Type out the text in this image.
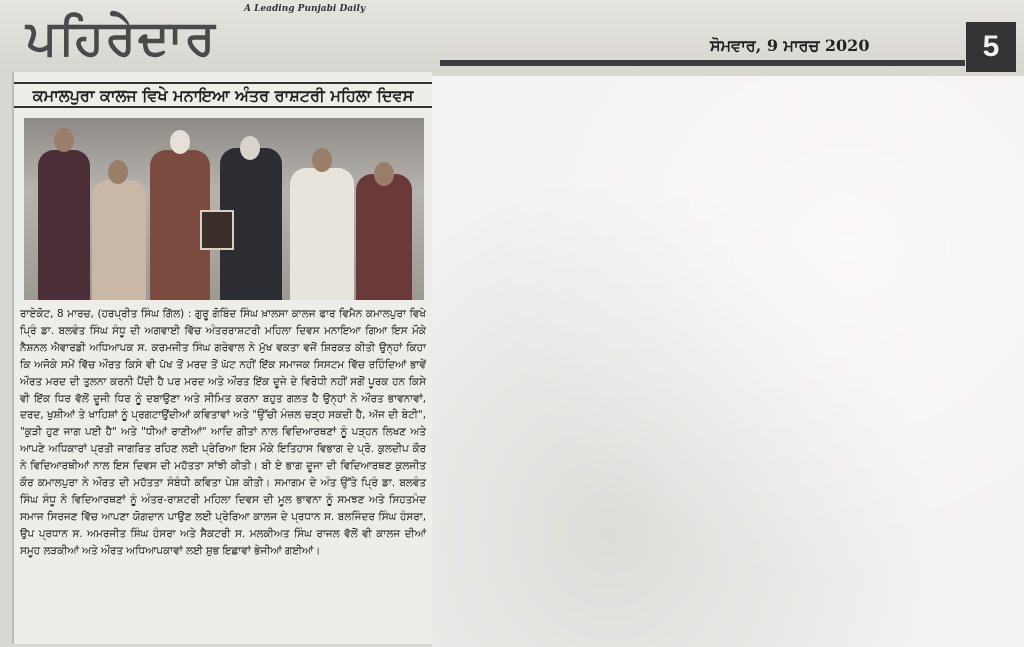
ਪਹਿਰੇਦਾਰ
A Leading Punjabi Daily
ਸੋਮਵਾਰ, 9 ਮਾਰਚ 2020	5
ਕਮਾਲਪੁਰਾ ਕਾਲਜ ਵਿਖੇ ਮਨਾਇਆ ਅੰਤਰ ਰਾਸ਼ਟਰੀ ਮਹਿਲਾ ਦਿਵਸ
ਰਾਏਕੋਟ, 8 ਮਾਰਚ, (ਹਰਪ੍ਰੀਤ ਸਿੰਘ ਗਿੱਲ) : ਗੁਰੂ ਗੋਬਿੰਦ ਸਿੰਘ ਖ਼ਾਲਸਾ ਕਾਲਜ ਫਾਰ ਵਿਮੈਨ ਕਮਾਲਪੁਰਾ ਵਿਖੇ ਪ੍ਰਿੰ ਡਾ. ਬਲਵੰਤ ਸਿੰਘ ਸੰਧੂ ਦੀ ਅਗਵਾਈ ਵਿੱਚ ਅੰਤਰਰਾਸ਼ਟਰੀ ਮਹਿਲਾ ਦਿਵਸ ਮਨਾਇਆ ਗਿਆ ਇਸ ਮੌਕੇ ਨੈਸ਼ਨਲ ਐਵਾਰਡੀ ਅਧਿਆਪਕ ਸ. ਕਰਮਜੀਤ ਸਿੰਘ ਗਰੇਵਾਲ ਨੇ ਮੁੱਖ ਵਕਤਾ ਵਜੋਂ ਸ਼ਿਰਕਤ ਕੀਤੀ ਉਨ੍ਹਾਂ ਕਿਹਾ ਕਿ ਅਜੋਕੇ ਸਮੇਂ ਵਿੱਚ ਔਰਤ ਕਿਸੇ ਵੀ ਪੱਖ ਤੋਂ ਮਰਦ ਤੋਂ ਘੱਟ ਨਹੀਂ ਇੱਕ ਸਮਾਜਕ ਸਿਸਟਮ ਵਿੱਚ ਰਹਿੰਦਿਆਂ ਭਾਵੇਂ ਔਰਤ ਮਰਦ ਦੀ ਤੁਲਨਾ ਕਰਨੀ ਪੈਂਦੀ ਹੈ ਪਰ ਮਰਦ ਅਤੇ ਔਰਤ ਇੱਕ ਦੂਜੇ ਦੇ ਵਿਰੋਧੀ ਨਹੀਂ ਸਗੋਂ ਪੂਰਕ ਹਨ ਕਿਸੇ ਵੀ ਇੱਕ ਧਿਰ ਵੱਲੋਂ ਦੂਜੀ ਧਿਰ ਨੂੰ ਦਬਾਉਣਾ ਅਤੇ ਸੀਮਿਤ ਕਰਨਾ ਬਹੁਤ ਗਲਤ ਹੈ ਉਨ੍ਹਾਂ ਨੇ ਔਰਤ ਭਾਵਨਾਵਾਂ, ਦਰਦ, ਖੁਸ਼ੀਆਂ ਤੇ ਖਾਹਿਸ਼ਾਂ ਨੂੰ ਪ੍ਰਗਟਾਉਂਦੀਆਂ ਕਵਿਤਾਵਾਂ ਅਤੇ "ਉੱਚੀ ਮੰਜ਼ਲ ਚੜ੍ਹ ਸਕਦੀ ਹੈ, ਅੱਜ ਦੀ ਬੇਟੀ", "ਕੁੜੀ ਹੁਣ ਜਾਗ ਪਈ ਹੈ" ਅਤੇ "ਧੀਆਂ ਰਾਣੀਆਂ" ਆਦਿ ਗੀਤਾਂ ਨਾਲ ਵਿਦਿਆਰਥਣਾਂ ਨੂੰ ਪੜ੍ਹਨ ਲਿਖਣ ਅਤੇ ਆਪਣੇ ਅਧਿਕਾਰਾਂ ਪ੍ਰਤੀ ਜਾਗਰਿਤ ਰਹਿਣ ਲਈ ਪ੍ਰੇਰਿਆ ਇਸ ਮੌਕੇ ਇਤਿਹਾਸ ਵਿਭਾਗ ਦੇ ਪ੍ਰੋ. ਕੁਲਦੀਪ ਕੌਰ ਨੇ ਵਿਦਿਆਰਥੀਆਂ ਨਾਲ ਇਸ ਦਿਵਸ ਦੀ ਮਹੱਤਤਾ ਸਾਂਝੀ ਕੀਤੀ। ਬੀ ਏ ਭਾਗ ਦੂਜਾ ਦੀ ਵਿਦਿਆਰਥਣ ਕੁਲਜੀਤ ਕੌਰ ਕਮਾਲਪੁਰਾ ਨੇ ਔਰਤ ਦੀ ਮਹੱਤਤਾ ਸੰਬੰਧੀ ਕਵਿਤਾ ਪੇਸ਼ ਕੀਤੀ। ਸਮਾਗਮ ਦੇ ਅੰਤ ਉੱਤੇ ਪ੍ਰਿੰ ਡਾ. ਬਲਵੰਤ ਸਿੰਘ ਸੰਧੂ ਨੇ ਵਿਦਿਆਰਥਣਾਂ ਨੂੰ ਅੰਤਰ-ਰਾਸ਼ਟਰੀ ਮਹਿਲਾ ਦਿਵਸ ਦੀ ਮੂਲ ਭਾਵਨਾ ਨੂੰ ਸਮਝਣ ਅਤੇ ਸਿਹਤਮੰਦ ਸਮਾਜ ਸਿਰਜਣ ਵਿੱਚ ਆਪਣਾ ਯੋਗਦਾਨ ਪਾਉਣ ਲਈ ਪ੍ਰੇਰਿਆ ਕਾਲਜ ਦੇ ਪ੍ਰਧਾਨ ਸ. ਬਲਜਿੰਦਰ ਸਿੰਘ ਹੰਸਰਾ, ਉਪ ਪ੍ਰਧਾਨ ਸ. ਅਮਰਜੀਤ ਸਿੰਘ ਹੰਸਰਾ ਅਤੇ ਸੈਕਟਰੀ ਸ. ਮਲਕੀਅਤ ਸਿੰਘ ਰਾਜਲ ਵੱਲੋਂ ਵੀ ਕਾਲਜ ਦੀਆਂ ਸਮੂਹ ਲੜਕੀਆਂ ਅਤੇ ਔਰਤ ਅਧਿਆਪਕਾਵਾਂ ਲਈ ਸ਼ੁਭ ਇਛਾਵਾਂ ਭੇਜੀਆਂ ਗਈਆਂ।
